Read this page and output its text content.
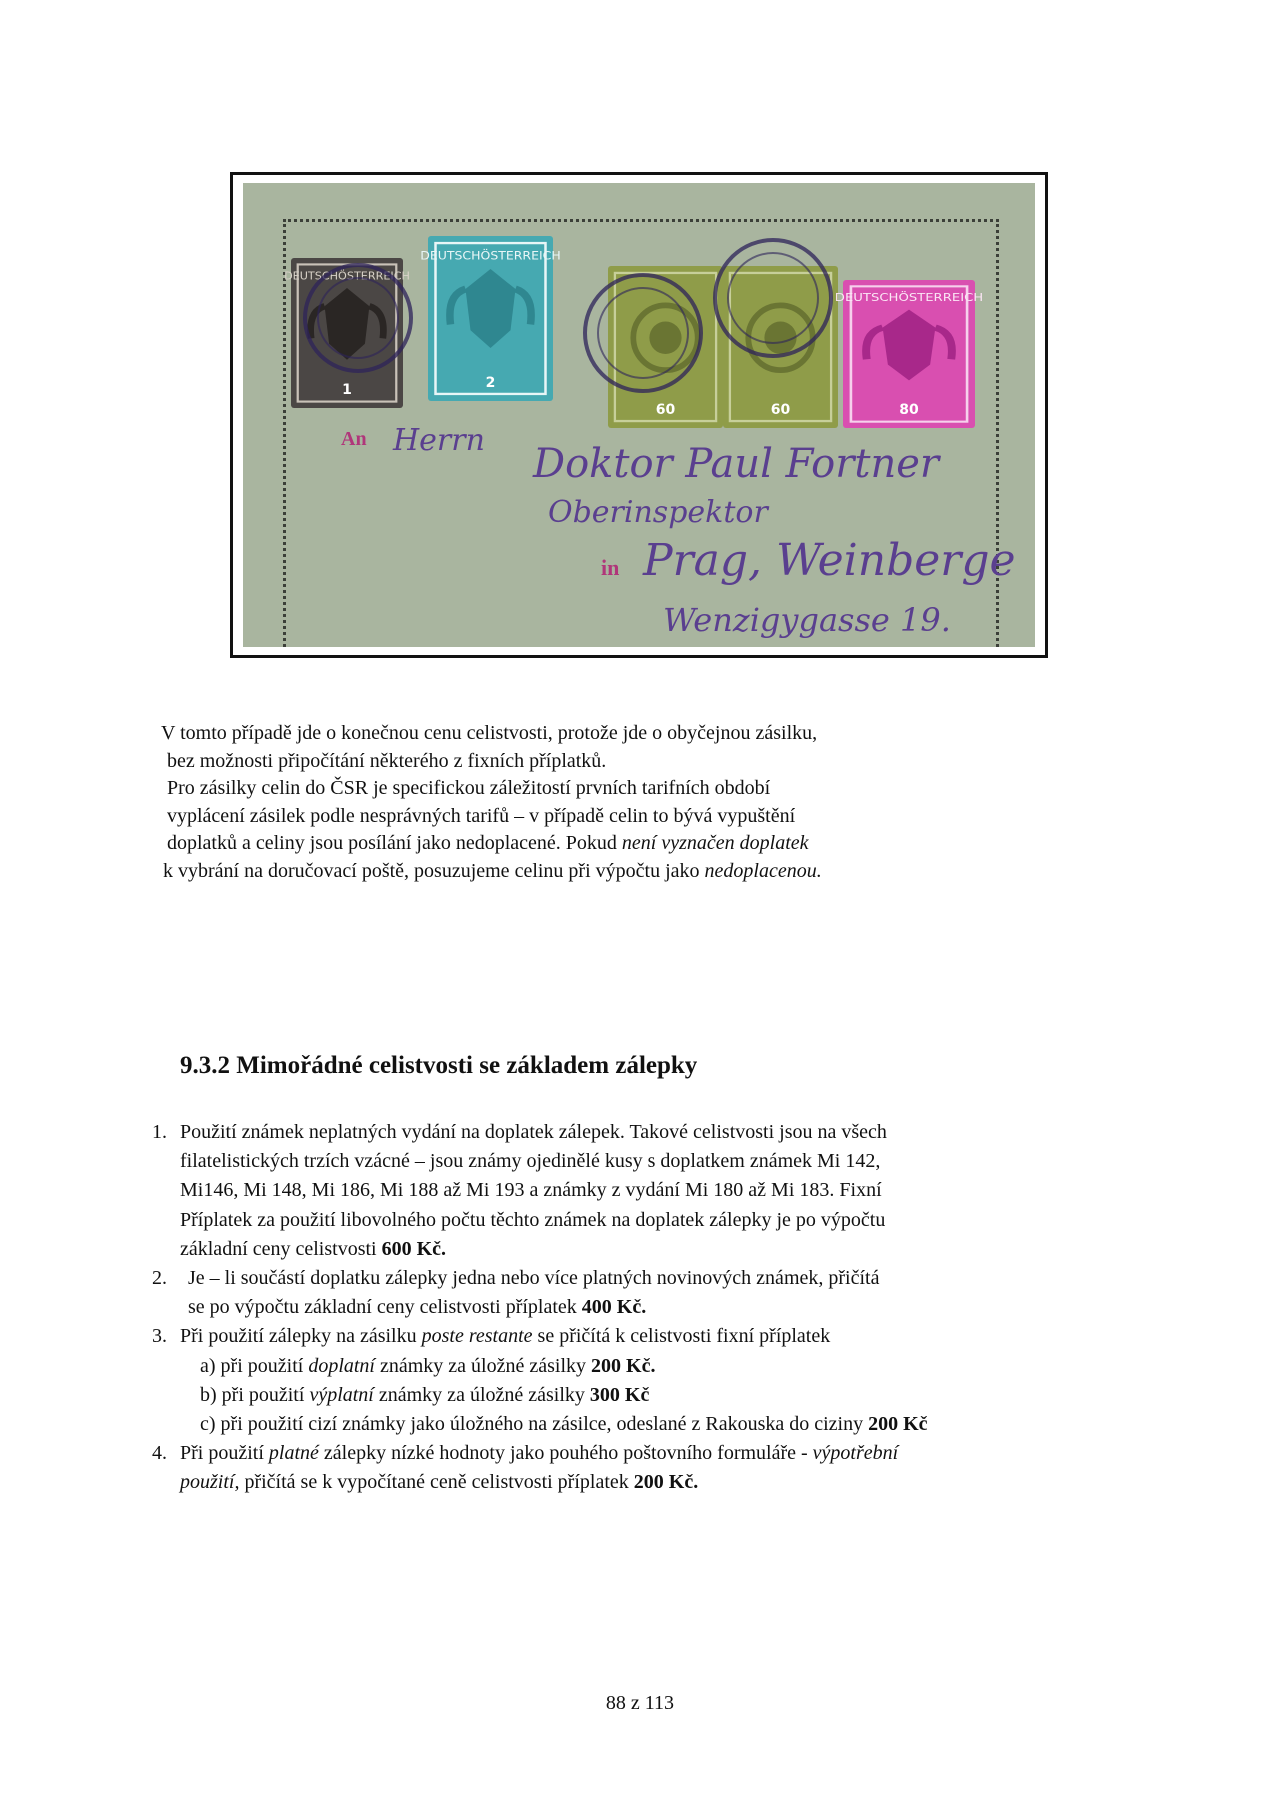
DEUTSCHÖSTERREICH
1
DEUTSCHÖSTERREICH
2
60	60
DEUTSCHÖSTERREICH
80
An
in
Herrn
Doktor Paul Fortner
Oberinspektor
Prag, Weinberge
Wenzigygasse 19.

V tomto případě jde o konečnou cenu celistvosti, protože jde o obyčejnou zásilku,

bez možnosti připočítání některého z fixních příplatků.

Pro zásilky celin do ČSR je specifickou záležitostí prvních tarifních období

vyplácení zásilek podle nesprávných tarifů – v případě celin to bývá vypuštění

doplatků a celiny jsou posílání jako nedoplacené. Pokud není vyznačen doplatek

k vybrání na doručovací poště, posuzujeme celinu při výpočtu jako nedoplacenou.

9.3.2 Mimořádné celistvosti se základem zálepky
1. Použití známek neplatných vydání na doplatek zálepek. Takové celistvosti jsou na všech
filatelistických trzích vzácné – jsou známy ojedinělé kusy s doplatkem známek Mi 142,
Mi146, Mi 148, Mi 186, Mi 188 až Mi 193 a známky z vydání Mi 180 až Mi 183. Fixní
Příplatek za použití libovolného počtu těchto známek na doplatek zálepky je po výpočtu
základní ceny celistvosti 600 Kč.
2. Je – li součástí doplatku zálepky jedna nebo více platných novinových známek, přičítá
se po výpočtu základní ceny celistvosti příplatek 400 Kč.
3. Při použití zálepky na zásilku poste restante se přičítá k celistvosti fixní příplatek
a) při použití doplatní známky za úložné zásilky 200 Kč.
b) při použití výplatní známky za úložné zásilky 300 Kč
c) při použití cizí známky jako úložného na zásilce, odeslané z Rakouska do ciziny 200 Kč
4. Při použití platné zálepky nízké hodnoty jako pouhého poštovního formuláře - výpotřební
použití, přičítá se k vypočítané ceně celistvosti příplatek 200 Kč.
88 z 113
